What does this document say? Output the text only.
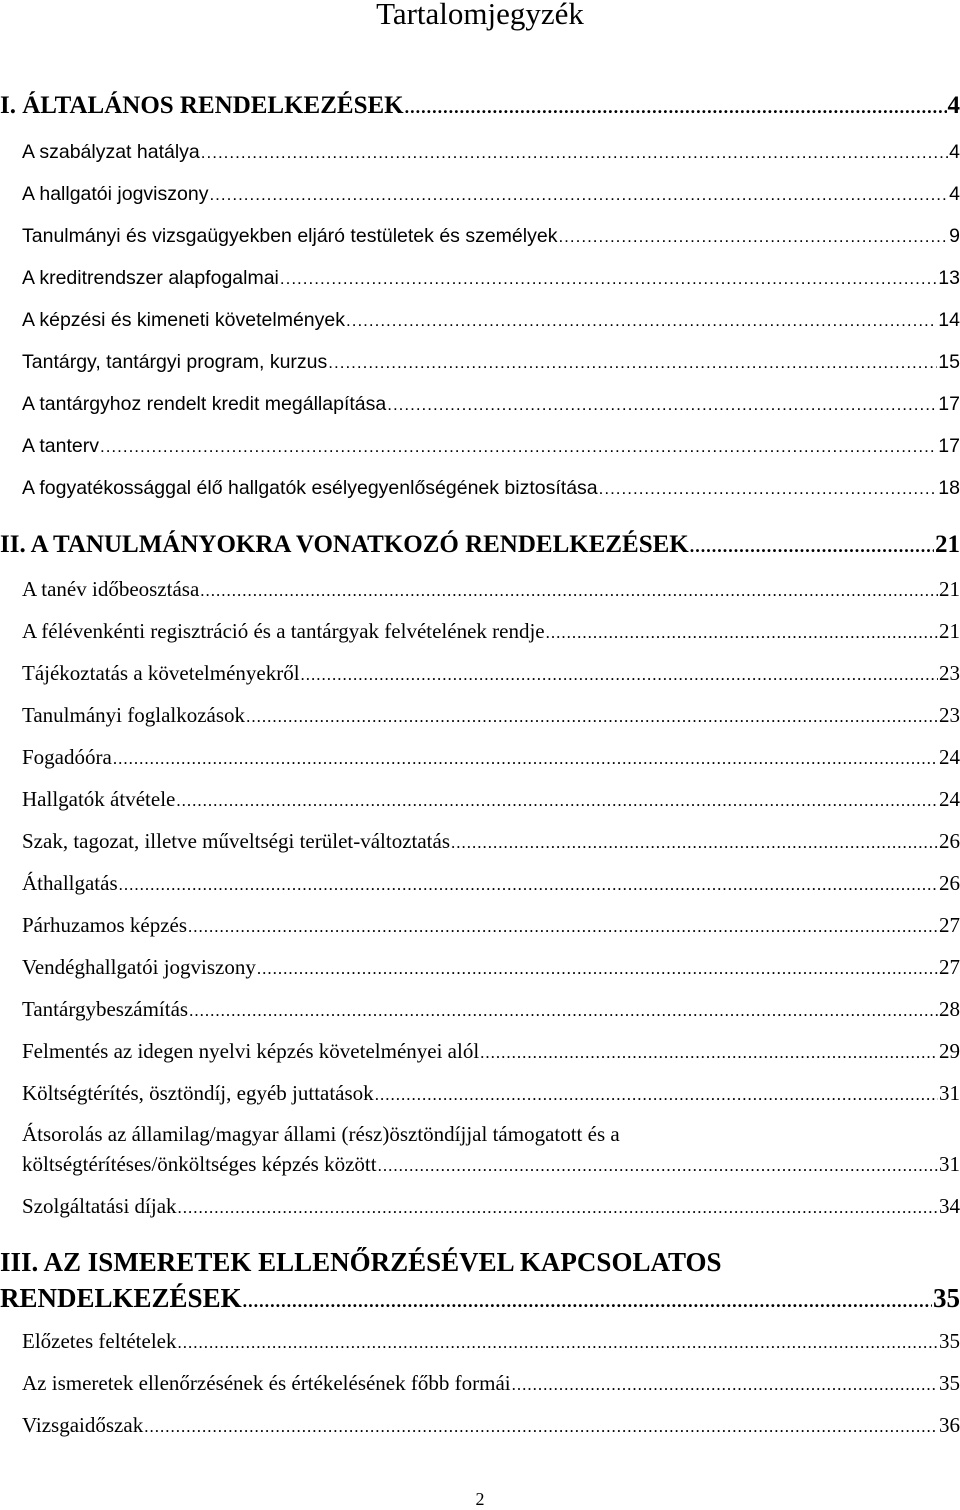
Tartalomjegyzék
I. ÁLTALÁNOS RENDELKEZÉSEK .....	4
A szabályzat hatálya .....	4
A hallgatói jogviszony .....	4
Tanulmányi és vizsgaügyekben eljáró testületek és személyek .....	9
A kreditrendszer alapfogalmai .....	13
A képzési és kimeneti követelmények .....	14
Tantárgy, tantárgyi program, kurzus .....	15
A tantárgyhoz rendelt kredit megállapítása .....	17
A tanterv .....	17
A fogyatékossággal élő hallgatók esélyegyenlőségének biztosítása .....	18
II. A TANULMÁNYOKRA VONATKOZÓ RENDELKEZÉSEK .....	21
A tanév időbeosztása .....	21
A félévenkénti regisztráció és a tantárgyak felvételének rendje .....	21
Tájékoztatás a követelményekről .....	23
Tanulmányi foglalkozások .....	23
Fogadóóra .....	24
Hallgatók átvétele .....	24
Szak, tagozat, illetve műveltségi terület-változtatás .....	26
Áthallgatás .....	26
Párhuzamos képzés .....	27
Vendéghallgatói jogviszony .....	27
Tantárgybeszámítás .....	28
Felmentés az idegen nyelvi képzés követelményei alól .....	29
Költségtérítés, ösztöndíj, egyéb juttatások .....	31
Átsorolás az államilag/magyar állami (rész)ösztöndíjjal támogatott és a
költségtérítéses/önköltséges képzés között .....	31
Szolgáltatási díjak .....	34
III. AZ ISMERETEK ELLENŐRZÉSÉVEL KAPCSOLATOS
RENDELKEZÉSEK .....	35
Előzetes feltételek .....	35
Az ismeretek ellenőrzésének és értékelésének főbb formái .....	35
Vizsgaidőszak .....	36
2
